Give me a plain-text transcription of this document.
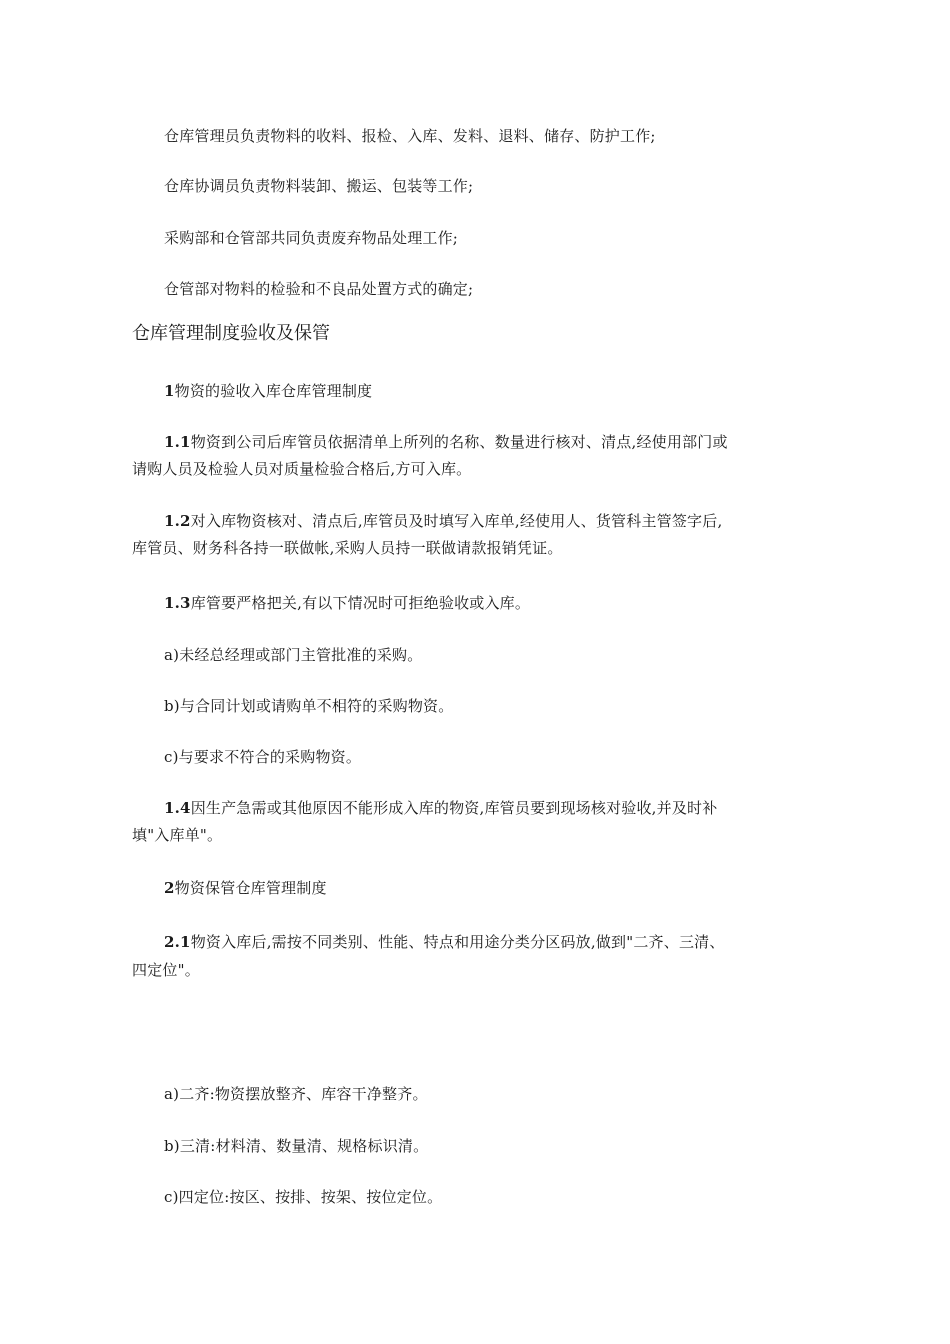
仓库管理员负责物料的收料、报检、入库、发料、退料、储存、防护工作;
仓库协调员负责物料装卸、搬运、包装等工作;
采购部和仓管部共同负责废弃物品处理工作;
仓管部对物料的检验和不良品处置方式的确定;
仓库管理制度验收及保管
1物资的验收入库仓库管理制度
1.1物资到公司后库管员依据清单上所列的名称、数量进行核对、清点,经使用部门或
请购人员及检验人员对质量检验合格后,方可入库。
1.2对入库物资核对、清点后,库管员及时填写入库单,经使用人、货管科主管签字后,
库管员、财务科各持一联做帐,采购人员持一联做请款报销凭证。
1.3库管要严格把关,有以下情况时可拒绝验收或入库。
a)未经总经理或部门主管批准的采购。
b)与合同计划或请购单不相符的采购物资。
c)与要求不符合的采购物资。
1.4因生产急需或其他原因不能形成入库的物资,库管员要到现场核对验收,并及时补
填"入库单"。
2物资保管仓库管理制度
2.1物资入库后,需按不同类别、性能、特点和用途分类分区码放,做到"二齐、三清、
四定位"。
a)二齐:物资摆放整齐、库容干净整齐。
b)三清:材料清、数量清、规格标识清。
c)四定位:按区、按排、按架、按位定位。
